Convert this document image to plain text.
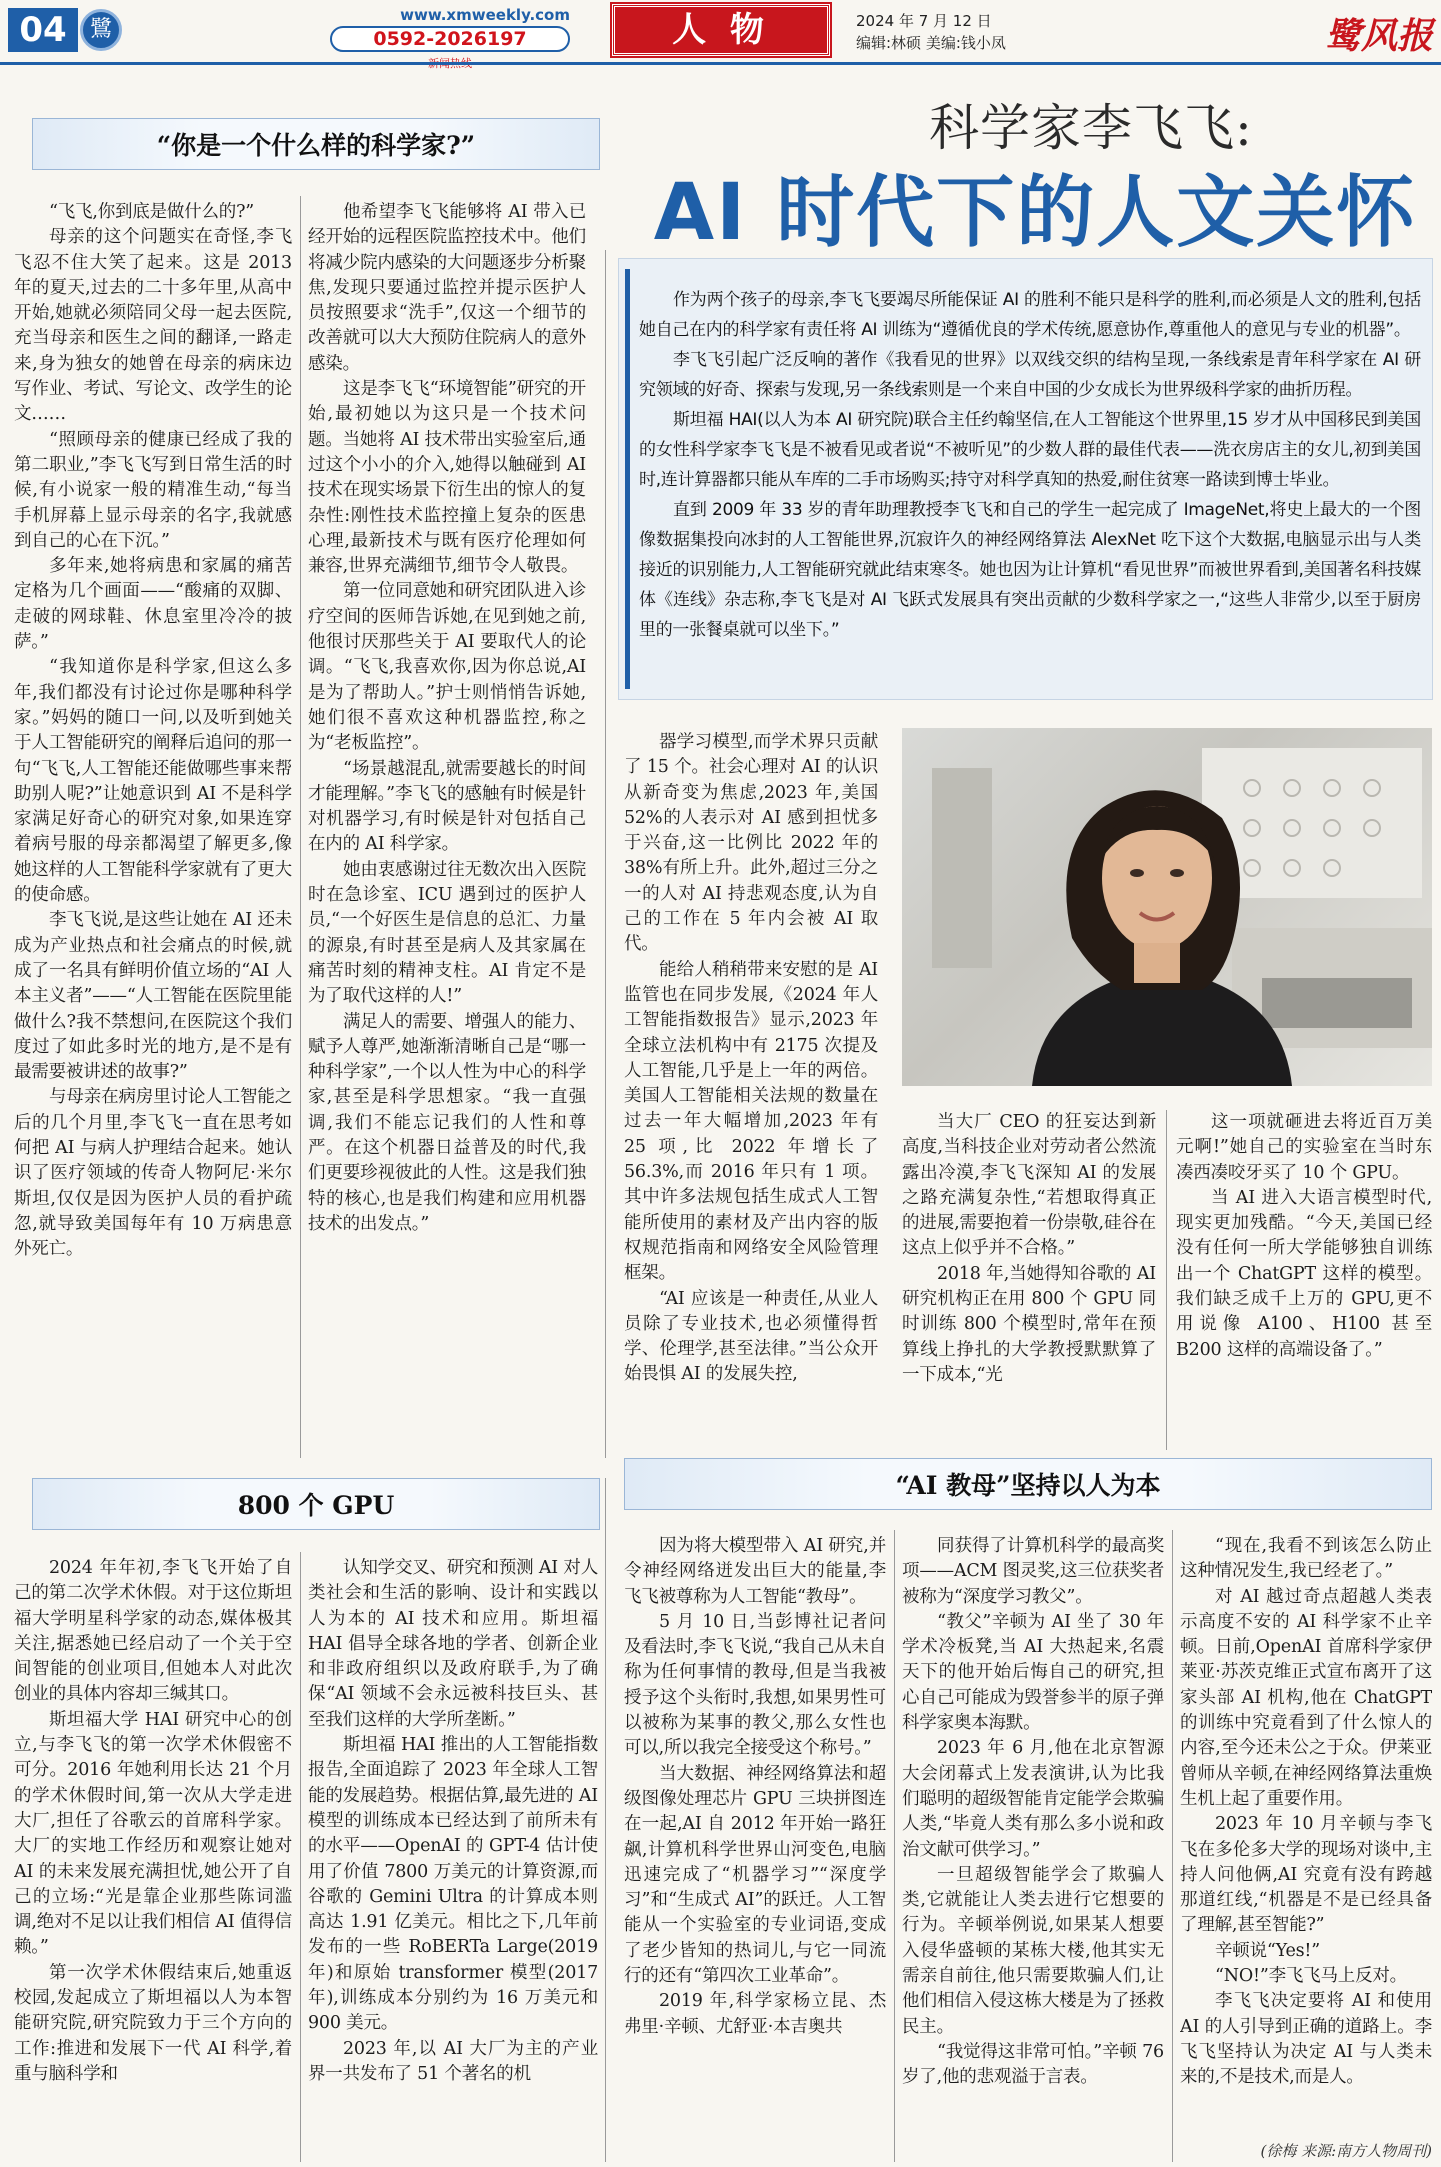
04	鷺
www.xmweekly.com
0592-2026197	人 物	2024 年 7 月 12 日
编辑:林硕 美编:钱小凤	鹭风报
科学家李飞飞:
AI 时代下的人文关怀

作为两个孩子的母亲,李飞飞要竭尽所能保证 AI 的胜利不能只是科学的胜利,而必须是人文的胜利,包括她自己在内的科学家有责任将 AI 训练为“遵循优良的学术传统,愿意协作,尊重他人的意见与专业的机器”。

李飞飞引起广泛反响的著作《我看见的世界》以双线交织的结构呈现,一条线索是青年科学家在 AI 研究领域的好奇、探索与发现,另一条线索则是一个来自中国的少女成长为世界级科学家的曲折历程。

斯坦福 HAI(以人为本 AI 研究院)联合主任约翰坚信,在人工智能这个世界里,15 岁才从中国移民到美国的女性科学家李飞飞是不被看见或者说“不被听见”的少数人群的最佳代表——洗衣房店主的女儿,初到美国时,连计算器都只能从车库的二手市场购买;持守对科学真知的热爱,耐住贫寒一路读到博士毕业。

直到 2009 年 33 岁的青年助理教授李飞飞和自己的学生一起完成了 ImageNet,将史上最大的一个图像数据集投向冰封的人工智能世界,沉寂许久的神经网络算法 AlexNet 吃下这个大数据,电脑显示出与人类接近的识别能力,人工智能研究就此结束寒冬。她也因为让计算机“看见世界”而被世界看到,美国著名科技媒体《连线》杂志称,李飞飞是对 AI 飞跃式发展具有突出贡献的少数科学家之一,“这些人非常少,以至于厨房里的一张餐桌就可以坐下。”

“你是一个什么样的科学家?”

“飞飞,你到底是做什么的?”

母亲的这个问题实在奇怪,李飞飞忍不住大笑了起来。这是 2013 年的夏天,过去的二十多年里,从高中开始,她就必须陪同父母一起去医院,充当母亲和医生之间的翻译,一路走来,身为独女的她曾在母亲的病床边写作业、考试、写论文、改学生的论文……

“照顾母亲的健康已经成了我的第二职业,”李飞飞写到日常生活的时候,有小说家一般的精准生动,“每当手机屏幕上显示母亲的名字,我就感到自己的心在下沉。”

多年来,她将病患和家属的痛苦定格为几个画面——“酸痛的双脚、走破的网球鞋、休息室里冷冷的披萨。”

“我知道你是科学家,但这么多年,我们都没有讨论过你是哪种科学家。”妈妈的随口一问,以及听到她关于人工智能研究的阐释后追问的那一句“飞飞,人工智能还能做哪些事来帮助别人呢?”让她意识到 AI 不是科学家满足好奇心的研究对象,如果连穿着病号服的母亲都渴望了解更多,像她这样的人工智能科学家就有了更大的使命感。

李飞飞说,是这些让她在 AI 还未成为产业热点和社会痛点的时候,就成了一名具有鲜明价值立场的“AI 人本主义者”——“人工智能在医院里能做什么?我不禁想问,在医院这个我们度过了如此多时光的地方,是不是有最需要被讲述的故事?”

与母亲在病房里讨论人工智能之后的几个月里,李飞飞一直在思考如何把 AI 与病人护理结合起来。她认识了医疗领域的传奇人物阿尼·米尔斯坦,仅仅是因为医护人员的看护疏忽,就导致美国每年有 10 万病患意外死亡。

他希望李飞飞能够将 AI 带入已经开始的远程医院监控技术中。他们将减少院内感染的大问题逐步分析聚焦,发现只要通过监控并提示医护人员按照要求“洗手”,仅这一个细节的改善就可以大大预防住院病人的意外感染。

这是李飞飞“环境智能”研究的开始,最初她以为这只是一个技术问题。当她将 AI 技术带出实验室后,通过这个小小的介入,她得以触碰到 AI 技术在现实场景下衍生出的惊人的复杂性:刚性技术监控撞上复杂的医患心理,最新技术与既有医疗伦理如何兼容,世界充满细节,细节令人敬畏。

第一位同意她和研究团队进入诊疗空间的医师告诉她,在见到她之前,他很讨厌那些关于 AI 要取代人的论调。“飞飞,我喜欢你,因为你总说,AI 是为了帮助人。”护士则悄悄告诉她,她们很不喜欢这种机器监控,称之为“老板监控”。

“场景越混乱,就需要越长的时间才能理解。”李飞飞的感触有时候是针对机器学习,有时候是针对包括自己在内的 AI 科学家。

她由衷感谢过往无数次出入医院时在急诊室、ICU 遇到过的医护人员,“一个好医生是信息的总汇、力量的源泉,有时甚至是病人及其家属在痛苦时刻的精神支柱。AI 肯定不是为了取代这样的人!”

满足人的需要、增强人的能力、赋予人尊严,她渐渐清晰自己是“哪一种科学家”,一个以人性为中心的科学家,甚至是科学思想家。“我一直强调,我们不能忘记我们的人性和尊严。在这个机器日益普及的时代,我们更要珍视彼此的人性。这是我们独特的核心,也是我们构建和应用机器技术的出发点。”

器学习模型,而学术界只贡献了 15 个。社会心理对 AI 的认识从新奇变为焦虑,2023 年,美国 52%的人表示对 AI 感到担忧多于兴奋,这一比例比 2022 年的 38%有所上升。此外,超过三分之一的人对 AI 持悲观态度,认为自己的工作在 5 年内会被 AI 取代。

能给人稍稍带来安慰的是 AI 监管也在同步发展,《2024 年人工智能指数报告》显示,2023 年全球立法机构中有 2175 次提及人工智能,几乎是上一年的两倍。美国人工智能相关法规的数量在过去一年大幅增加,2023 年有 25 项,比 2022 年增长了 56.3%,而 2016 年只有 1 项。其中许多法规包括生成式人工智能所使用的素材及产出内容的版权规范指南和网络安全风险管理框架。

“AI 应该是一种责任,从业人员除了专业技术,也必须懂得哲学、伦理学,甚至法律。”当公众开始畏惧 AI 的发展失控,

当大厂 CEO 的狂妄达到新高度,当科技企业对劳动者公然流露出冷漠,李飞飞深知 AI 的发展之路充满复杂性,“若想取得真正的进展,需要抱着一份崇敬,硅谷在这点上似乎并不合格。”

2018 年,当她得知谷歌的 AI 研究机构正在用 800 个 GPU 同时训练 800 个模型时,常年在预算线上挣扎的大学教授默默算了一下成本,“光

这一项就砸进去将近百万美元啊!”她自己的实验室在当时东凑西凑咬牙买了 10 个 GPU。

当 AI 进入大语言模型时代,现实更加残酷。“今天,美国已经没有任何一所大学能够独自训练出一个 ChatGPT 这样的模型。我们缺乏成千上万的 GPU,更不用说像 A100、H100 甚至 B200 这样的高端设备了。”

800 个 GPU
“AI 教母”坚持以人为本

2024 年年初,李飞飞开始了自己的第二次学术休假。对于这位斯坦福大学明星科学家的动态,媒体极其关注,据悉她已经启动了一个关于空间智能的创业项目,但她本人对此次创业的具体内容却三缄其口。

斯坦福大学 HAI 研究中心的创立,与李飞飞的第一次学术休假密不可分。2016 年她利用长达 21 个月的学术休假时间,第一次从大学走进大厂,担任了谷歌云的首席科学家。大厂的实地工作经历和观察让她对 AI 的未来发展充满担忧,她公开了自己的立场:“光是靠企业那些陈词滥调,绝对不足以让我们相信 AI 值得信赖。”

第一次学术休假结束后,她重返校园,发起成立了斯坦福以人为本智能研究院,研究院致力于三个方向的工作:推进和发展下一代 AI 科学,着重与脑科学和

认知学交叉、研究和预测 AI 对人类社会和生活的影响、设计和实践以人为本的 AI 技术和应用。斯坦福 HAI 倡导全球各地的学者、创新企业和非政府组织以及政府联手,为了确保“AI 领域不会永远被科技巨头、甚至我们这样的大学所垄断。”

斯坦福 HAI 推出的人工智能指数报告,全面追踪了 2023 年全球人工智能的发展趋势。根据估算,最先进的 AI 模型的训练成本已经达到了前所未有的水平——OpenAI 的 GPT-4 估计使用了价值 7800 万美元的计算资源,而谷歌的 Gemini Ultra 的计算成本则高达 1.91 亿美元。相比之下,几年前发布的一些 RoBERTa Large(2019 年)和原始 transformer 模型(2017 年),训练成本分别约为 16 万美元和 900 美元。

2023 年,以 AI 大厂为主的产业界一共发布了 51 个著名的机

因为将大模型带入 AI 研究,并令神经网络迸发出巨大的能量,李飞飞被尊称为人工智能“教母”。

5 月 10 日,当彭博社记者问及看法时,李飞飞说,“我自己从未自称为任何事情的教母,但是当我被授予这个头衔时,我想,如果男性可以被称为某事的教父,那么女性也可以,所以我完全接受这个称号。”

当大数据、神经网络算法和超级图像处理芯片 GPU 三块拼图连在一起,AI 自 2012 年开始一路狂飙,计算机科学世界山河变色,电脑迅速完成了“机器学习”“深度学习”和“生成式 AI”的跃迁。人工智能从一个实验室的专业词语,变成了老少皆知的热词儿,与它一同流行的还有“第四次工业革命”。

2019 年,科学家杨立昆、杰弗里·辛顿、尤舒亚·本吉奥共

同获得了计算机科学的最高奖项——ACM 图灵奖,这三位获奖者被称为“深度学习教父”。

“教父”辛顿为 AI 坐了 30 年学术冷板凳,当 AI 大热起来,名震天下的他开始后悔自己的研究,担心自己可能成为毁誉参半的原子弹科学家奥本海默。

2023 年 6 月,他在北京智源大会闭幕式上发表演讲,认为比我们聪明的超级智能肯定能学会欺骗人类,“毕竟人类有那么多小说和政治文献可供学习。”

一旦超级智能学会了欺骗人类,它就能让人类去进行它想要的行为。辛顿举例说,如果某人想要入侵华盛顿的某栋大楼,他其实无需亲自前往,他只需要欺骗人们,让他们相信入侵这栋大楼是为了拯救民主。

“我觉得这非常可怕。”辛顿 76 岁了,他的悲观溢于言表。

“现在,我看不到该怎么防止这种情况发生,我已经老了。”

对 AI 越过奇点超越人类表示高度不安的 AI 科学家不止辛顿。日前,OpenAI 首席科学家伊莱亚·苏茨克维正式宣布离开了这家头部 AI 机构,他在 ChatGPT 的训练中究竟看到了什么惊人的内容,至今还未公之于众。伊莱亚曾师从辛顿,在神经网络算法重焕生机上起了重要作用。

2023 年 10 月辛顿与李飞飞在多伦多大学的现场对谈中,主持人问他俩,AI 究竟有没有跨越那道红线,“机器是不是已经具备了理解,甚至智能?”

辛顿说“Yes!”

“NO!”李飞飞马上反对。

李飞飞决定要将 AI 和使用 AI 的人引导到正确的道路上。李飞飞坚持认为决定 AI 与人类未来的,不是技术,而是人。

(徐梅 来源:南方人物周刊)
